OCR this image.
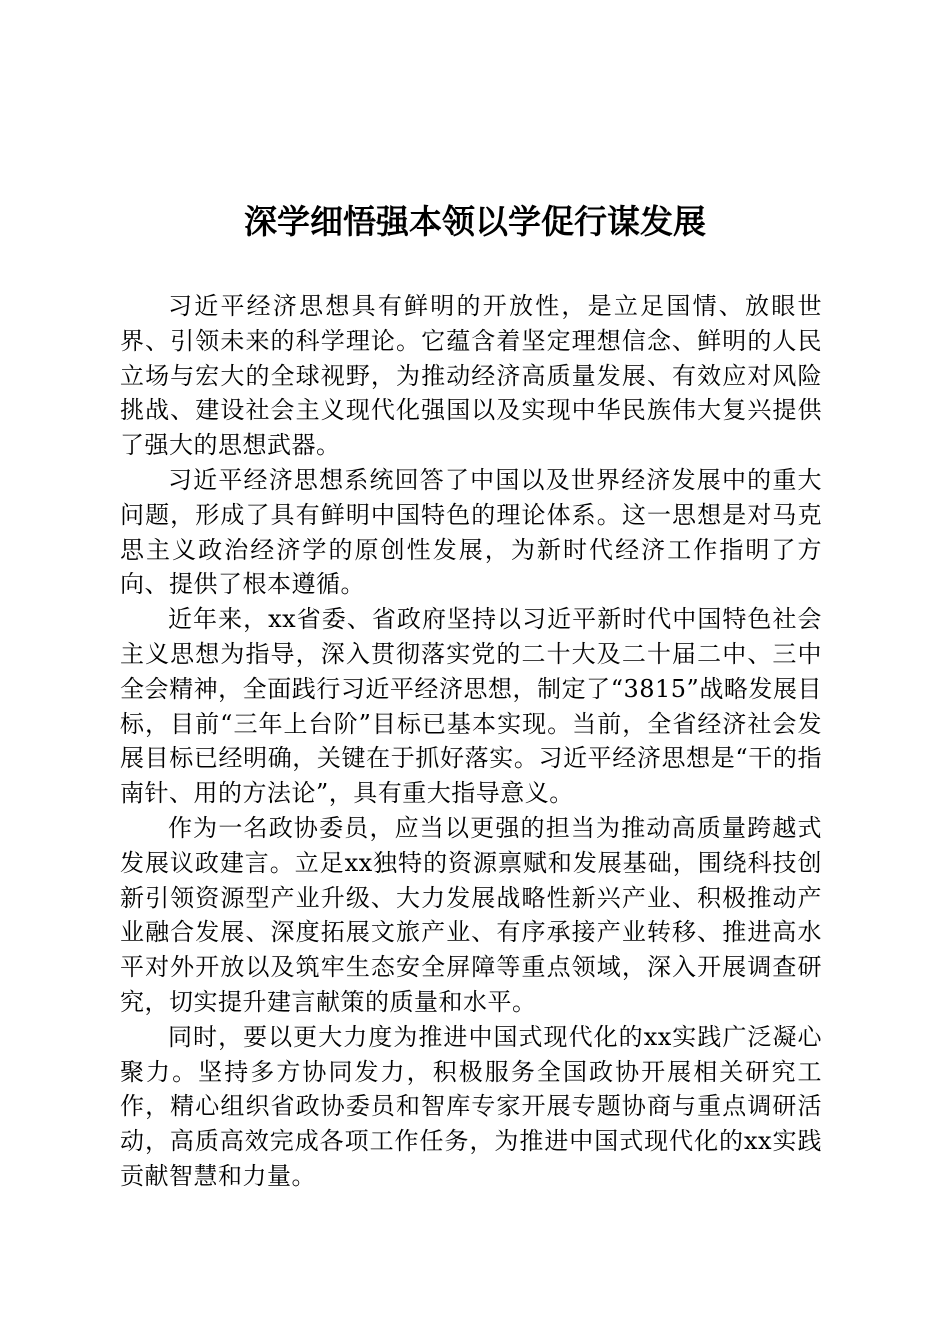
深学细悟强本领以学促行谋发展

习近平经济思想具有鲜明的开放性，是立足国情、放眼世界、引领未来的科学理论。它蕴含着坚定理想信念、鲜明的人民立场与宏大的全球视野，为推动经济高质量发展、有效应对风险挑战、建设社会主义现代化强国以及实现中华民族伟大复兴提供了强大的思想武器。

习近平经济思想系统回答了中国以及世界经济发展中的重大问题，形成了具有鲜明中国特色的理论体系。这一思想是对马克思主义政治经济学的原创性发展，为新时代经济工作指明了方向、提供了根本遵循。

近年来，xx省委、省政府坚持以习近平新时代中国特色社会主义思想为指导，深入贯彻落实党的二十大及二十届二中、三中全会精神，全面践行习近平经济思想，制定了“3815”战略发展目标，目前“三年上台阶”目标已基本实现。当前，全省经济社会发展目标已经明确，关键在于抓好落实。习近平经济思想是“干的指南针、用的方法论”，具有重大指导意义。

作为一名政协委员，应当以更强的担当为推动高质量跨越式发展议政建言。立足xx独特的资源禀赋和发展基础，围绕科技创新引领资源型产业升级、大力发展战略性新兴产业、积极推动产业融合发展、深度拓展文旅产业、有序承接产业转移、推进高水平对外开放以及筑牢生态安全屏障等重点领域，深入开展调查研究，切实提升建言献策的质量和水平。

同时，要以更大力度为推进中国式现代化的xx实践广泛凝心聚力。坚持多方协同发力，积极服务全国政协开展相关研究工作，精心组织省政协委员和智库专家开展专题协商与重点调研活动，高质高效完成各项工作任务，为推进中国式现代化的xx实践贡献智慧和力量。
